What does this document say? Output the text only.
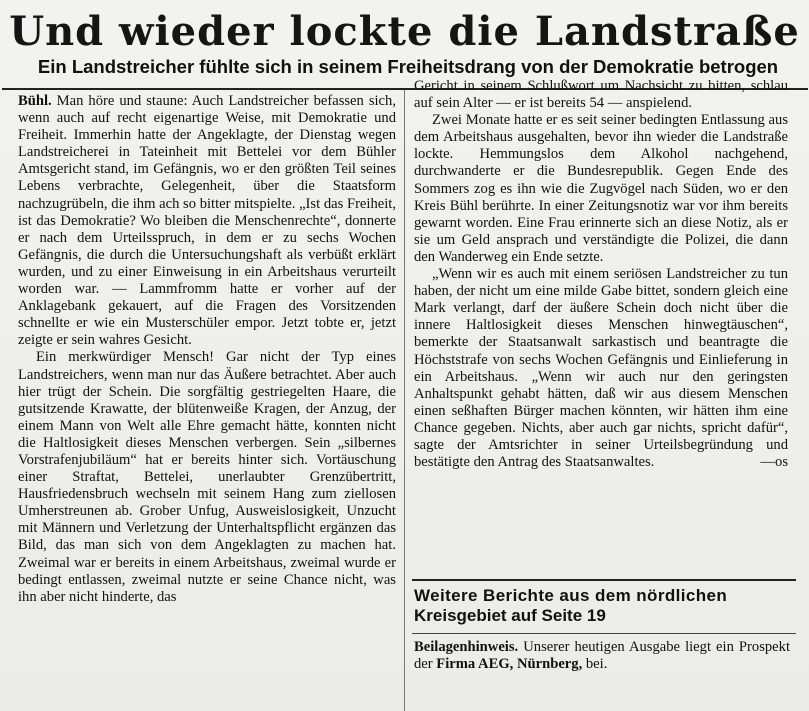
Und wieder lockte die Landstraße
Ein Landstreicher fühlte sich in seinem Freiheitsdrang von der Demokratie betrogen

Bühl. Man höre und staune: Auch Landstreicher befassen sich, wenn auch auf recht eigenartige Weise, mit Demokratie und Freiheit. Immerhin hatte der Angeklagte, der Dienstag wegen Landstreicherei in Tateinheit mit Bettelei vor dem Bühler Amtsgericht stand, im Gefängnis, wo er den größten Teil seines Lebens verbrachte, Gelegenheit, über die Staatsform nachzugrübeln, die ihm ach so bitter mitspielte. „Ist das Freiheit, ist das Demokratie? Wo bleiben die Menschenrechte“, donnerte er nach dem Urteilsspruch, in dem er zu sechs Wochen Gefängnis, die durch die Untersuchungshaft als verbüßt erklärt wurden, und zu einer Einweisung in ein Arbeitshaus verurteilt worden war. — Lammfromm hatte er vorher auf der Anklagebank gekauert, auf die Fragen des Vorsitzenden schnellte er wie ein Musterschüler empor. Jetzt tobte er, jetzt zeigte er sein wahres Gesicht.

Ein merkwürdiger Mensch! Gar nicht der Typ eines Landstreichers, wenn man nur das Äußere betrachtet. Aber auch hier trügt der Schein. Die sorgfältig gestriegelten Haare, die gutsitzende Krawatte, der blütenweiße Kragen, der Anzug, der einem Mann von Welt alle Ehre gemacht hätte, konnten nicht die Haltlosigkeit dieses Menschen verbergen. Sein „silbernes Vorstrafenjubiläum“ hat er bereits hinter sich. Vortäuschung einer Straftat, Bettelei, unerlaubter Grenzübertritt, Hausfriedensbruch wechseln mit seinem Hang zum ziellosen Umherstreunen ab. Grober Unfug, Ausweislosigkeit, Unzucht mit Männern und Verletzung der Unterhaltspflicht ergänzen das Bild, das man sich von dem Angeklagten zu machen hat. Zweimal war er bereits in einem Arbeitshaus, zweimal wurde er bedingt entlassen, zweimal nutzte er seine Chance nicht, was ihn aber nicht hinderte, das

Gericht in seinem Schlußwort um Nachsicht zu bitten, schlau auf sein Alter — er ist bereits 54 — anspielend.

Zwei Monate hatte er es seit seiner bedingten Entlassung aus dem Arbeitshaus ausgehalten, bevor ihn wieder die Landstraße lockte. Hemmungslos dem Alkohol nachgehend, durchwanderte er die Bundesrepublik. Gegen Ende des Sommers zog es ihn wie die Zugvögel nach Süden, wo er den Kreis Bühl berührte. In einer Zeitungsnotiz war vor ihm bereits gewarnt worden. Eine Frau erinnerte sich an diese Notiz, als er sie um Geld ansprach und verständigte die Polizei, die dann den Wanderweg ein Ende setzte.

„Wenn wir es auch mit einem seriösen Landstreicher zu tun haben, der nicht um eine milde Gabe bittet, sondern gleich eine Mark verlangt, darf der äußere Schein doch nicht über die innere Haltlosigkeit dieses Menschen hinwegtäuschen“, bemerkte der Staatsanwalt sarkastisch und beantragte die Höchststrafe von sechs Wochen Gefängnis und Einlieferung in ein Arbeitshaus. „Wenn wir auch nur den geringsten Anhaltspunkt gehabt hätten, daß wir aus diesem Menschen einen seßhaften Bürger machen könnten, wir hätten ihm eine Chance gegeben. Nichts, aber auch gar nichts, spricht dafür“, sagte der Amtsrichter in seiner Urteilsbegründung und bestätigte den Antrag des Staatsanwaltes.	—os

Weitere Berichte aus dem nördlichen
Kreisgebiet auf Seite 19
Beilagenhinweis. Unserer heutigen Ausgabe liegt ein Prospekt der Firma AEG, Nürnberg, bei.
